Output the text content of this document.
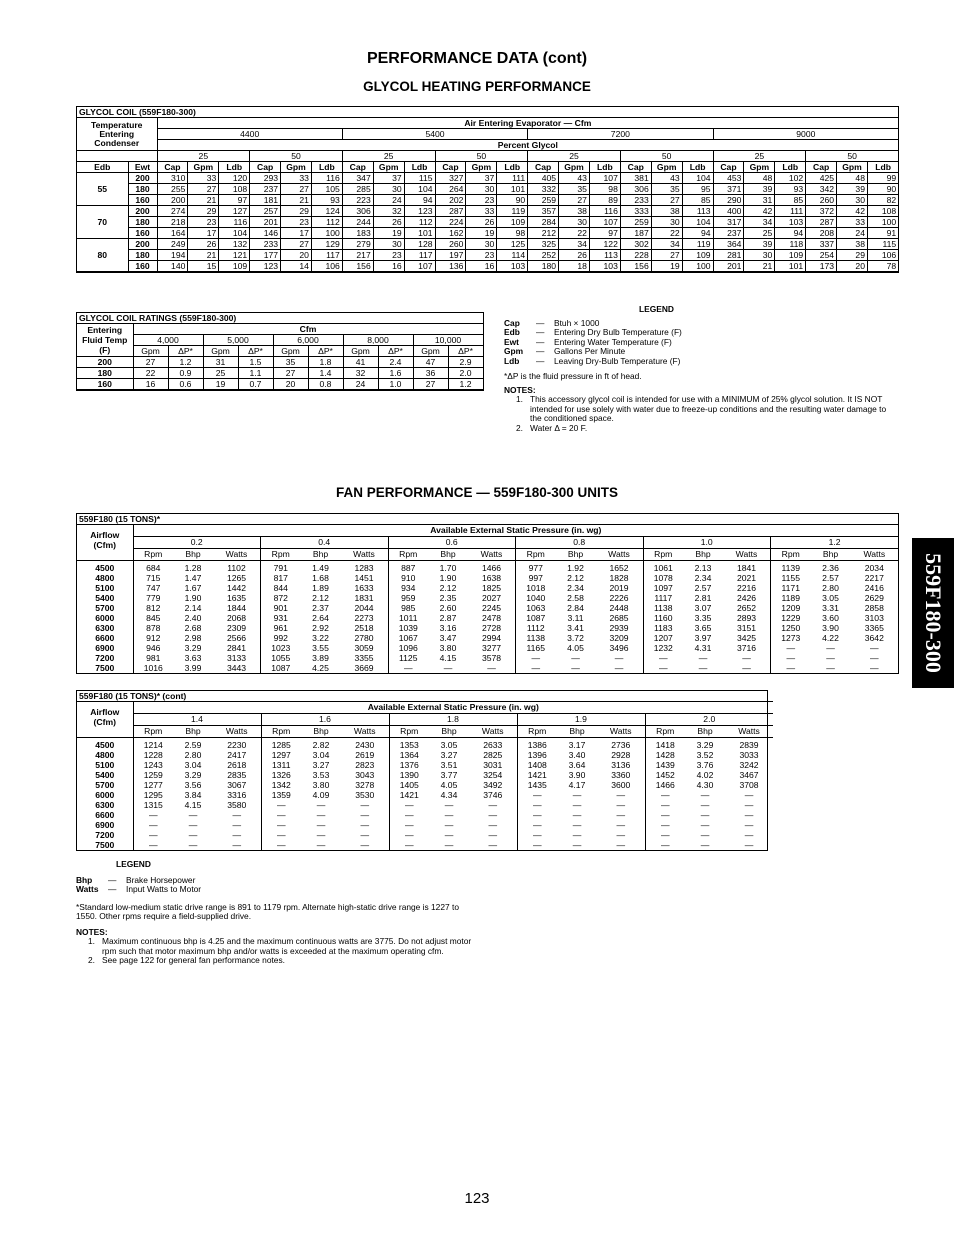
PERFORMANCE DATA (cont)
GLYCOL HEATING PERFORMANCE
GLYCOL COIL (559F180-300)																									
Temperature Entering Condenser		Air Entering Evaporator — Cfm																							
		4400						5400						7200						9000					
		Percent Glycol																							
		25			50			25			50			25			50			25			50		
Edb	Ewt	Cap	Gpm	Ldb	Cap	Gpm	Ldb	Cap	Gpm	Ldb	Cap	Gpm	Ldb	Cap	Gpm	Ldb	Cap	Gpm	Ldb	Cap	Gpm	Ldb	Cap	Gpm	Ldb
55	200	310	33	120	293	33	116	347	37	115	327	37	111	405	43	107	381	43	104	453	48	102	425	48	99
	180	255	27	108	237	27	105	285	30	104	264	30	101	332	35	98	306	35	95	371	39	93	342	39	90
	160	200	21	97	181	21	93	223	24	94	202	23	90	259	27	89	233	27	85	290	31	85	260	30	82
70	200	274	29	127	257	29	124	306	32	123	287	33	119	357	38	116	333	38	113	400	42	111	372	42	108
	180	218	23	116	201	23	112	244	26	112	224	26	109	284	30	107	259	30	104	317	34	103	287	33	100
	160	164	17	104	146	17	100	183	19	101	162	19	98	212	22	97	187	22	94	237	25	94	208	24	91
80	200	249	26	132	233	27	129	279	30	128	260	30	125	325	34	122	302	34	119	364	39	118	337	38	115
	180	194	21	121	177	20	117	217	23	117	197	23	114	252	26	113	228	27	109	281	30	109	254	29	106
	160	140	15	109	123	14	106	156	16	107	136	16	103	180	18	103	156	19	100	201	21	101	173	20	78
GLYCOL COIL RATINGS (559F180-300)										
Entering Fluid Temp (F)	Cfm									
	4,000		5,000		6,000		8,000		10,000	
	Gpm	ΔP*	Gpm	ΔP*	Gpm	ΔP*	Gpm	ΔP*	Gpm	ΔP*
200	27	1.2	31	1.5	35	1.8	41	2.4	47	2.9
180	22	0.9	25	1.1	27	1.4	32	1.6	36	2.0
160	16	0.6	19	0.7	20	0.8	24	1.0	27	1.2
LEGEND
Cap	—	Btuh × 1000
Edb	—	Entering Dry Bulb Temperature (F)
Ewt	—	Entering Water Temperature (F)
Gpm	—	Gallons Per Minute
Ldb	—	Leaving Dry-Bulb Temperature (F)
*ΔP is the fluid pressure in ft of head.
NOTES:
1. This accessory glycol coil is intended for use with a MINIMUM of 25% glycol solution. It IS NOT intended for use solely with water due to freeze-up conditions and the resulting water damage to the conditioned space.
2. Water Δ = 20 F.
FAN PERFORMANCE — 559F180-300 UNITS
559F180 (15 TONS)*																		
Airflow (Cfm)	Available External Static Pressure (in. wg)																	
	0.2			0.4			0.6			0.8			1.0			1.2		
	Rpm	Bhp	Watts	Rpm	Bhp	Watts	Rpm	Bhp	Watts	Rpm	Bhp	Watts	Rpm	Bhp	Watts	Rpm	Bhp	Watts
4500	684	1.28	1102	791	1.49	1283	887	1.70	1466	977	1.92	1652	1061	2.13	1841	1139	2.36	2034
4800	715	1.47	1265	817	1.68	1451	910	1.90	1638	997	2.12	1828	1078	2.34	2021	1155	2.57	2217
5100	747	1.67	1442	844	1.89	1633	934	2.12	1825	1018	2.34	2019	1097	2.57	2216	1171	2.80	2416
5400	779	1.90	1635	872	2.12	1831	959	2.35	2027	1040	2.58	2226	1117	2.81	2426	1189	3.05	2629
5700	812	2.14	1844	901	2.37	2044	985	2.60	2245	1063	2.84	2448	1138	3.07	2652	1209	3.31	2858
6000	845	2.40	2068	931	2.64	2273	1011	2.87	2478	1087	3.11	2685	1160	3.35	2893	1229	3.60	3103
6300	878	2.68	2309	961	2.92	2518	1039	3.16	2728	1112	3.41	2939	1183	3.65	3151	1250	3.90	3365
6600	912	2.98	2566	992	3.22	2780	1067	3.47	2994	1138	3.72	3209	1207	3.97	3425	1273	4.22	3642
6900	946	3.29	2841	1023	3.55	3059	1096	3.80	3277	1165	4.05	3496	1232	4.31	3716	—	—	—
7200	981	3.63	3133	1055	3.89	3355	1125	4.15	3578	—	—	—	—	—	—	—	—	—
7500	1016	3.99	3443	1087	4.25	3669	—	—	—	—	—	—	—	—	—	—	—	—
559F180 (15 TONS)* (cont)															
Airflow (Cfm)	Available External Static Pressure (in. wg)														
	1.4			1.6			1.8			1.9			2.0		
	Rpm	Bhp	Watts	Rpm	Bhp	Watts	Rpm	Bhp	Watts	Rpm	Bhp	Watts	Rpm	Bhp	Watts
4500	1214	2.59	2230	1285	2.82	2430	1353	3.05	2633	1386	3.17	2736	1418	3.29	2839
4800	1228	2.80	2417	1297	3.04	2619	1364	3.27	2825	1396	3.40	2928	1428	3.52	3033
5100	1243	3.04	2618	1311	3.27	2823	1376	3.51	3031	1408	3.64	3136	1439	3.76	3242
5400	1259	3.29	2835	1326	3.53	3043	1390	3.77	3254	1421	3.90	3360	1452	4.02	3467
5700	1277	3.56	3067	1342	3.80	3278	1405	4.05	3492	1435	4.17	3600	1466	4.30	3708
6000	1295	3.84	3316	1359	4.09	3530	1421	4.34	3746	—	—	—	—	—	—
6300	1315	4.15	3580	—	—	—	—	—	—	—	—	—	—	—	—
6600	—	—	—	—	—	—	—	—	—	—	—	—	—	—	—
6900	—	—	—	—	—	—	—	—	—	—	—	—	—	—	—
7200	—	—	—	—	—	—	—	—	—	—	—	—	—	—	—
7500	—	—	—	—	—	—	—	—	—	—	—	—	—	—	—
LEGEND
Bhp	—	Brake Horsepower
Watts	—	Input Watts to Motor
*Standard low-medium static drive range is 891 to 1179 rpm. Alternate high-static drive range is 1227 to 1550. Other rpms require a field-supplied drive.
NOTES:
1. Maximum continuous bhp is 4.25 and the maximum continuous watts are 3775. Do not adjust motor rpm such that motor maximum bhp and/or watts is exceeded at the maximum operating cfm.
2. See page 122 for general fan performance notes.
559F180-300
123
